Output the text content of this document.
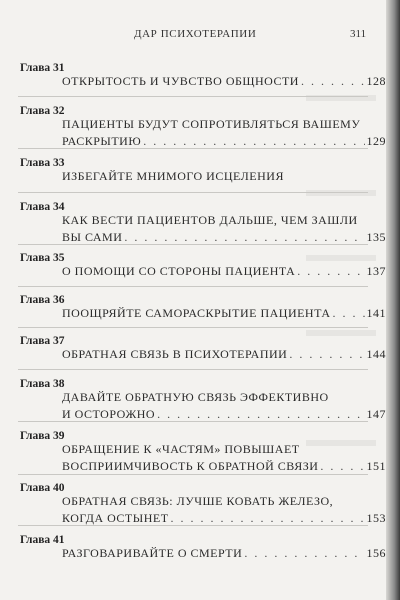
ДАР ПСИХОТЕРАПИИ	311
Глава 31
ОТКРЫТОСТЬ И ЧУВСТВО ОБЩНОСТИ . . .	128
Глава 32
ПАЦИЕНТЫ БУДУТ СОПРОТИВЛЯТЬСЯ ВАШЕМУ
РАСКРЫТИЮ . . .	129
Глава 33
ИЗБЕГАЙТЕ МНИМОГО ИСЦЕЛЕНИЯ
Глава 34
КАК ВЕСТИ ПАЦИЕНТОВ ДАЛЬШЕ, ЧЕМ ЗАШЛИ
ВЫ САМИ . . .	135
Глава 35
О ПОМОЩИ СО СТОРОНЫ ПАЦИЕНТА . . .	137
Глава 36
ПООЩРЯЙТЕ САМОРАСКРЫТИЕ ПАЦИЕНТА . . .	141
Глава 37
ОБРАТНАЯ СВЯЗЬ В ПСИХОТЕРАПИИ . . .	144
Глава 38
ДАВАЙТЕ ОБРАТНУЮ СВЯЗЬ ЭФФЕКТИВНО
И ОСТОРОЖНО . . .	147
Глава 39
ОБРАЩЕНИЕ К «ЧАСТЯМ» ПОВЫШАЕТ
ВОСПРИИМЧИВОСТЬ К ОБРАТНОЙ СВЯЗИ . . .	151
Глава 40
ОБРАТНАЯ СВЯЗЬ: ЛУЧШЕ КОВАТЬ ЖЕЛЕЗО,
КОГДА ОСТЫНЕТ . . .	153
Глава 41
РАЗГОВАРИВАЙТЕ О СМЕРТИ . . .	156
